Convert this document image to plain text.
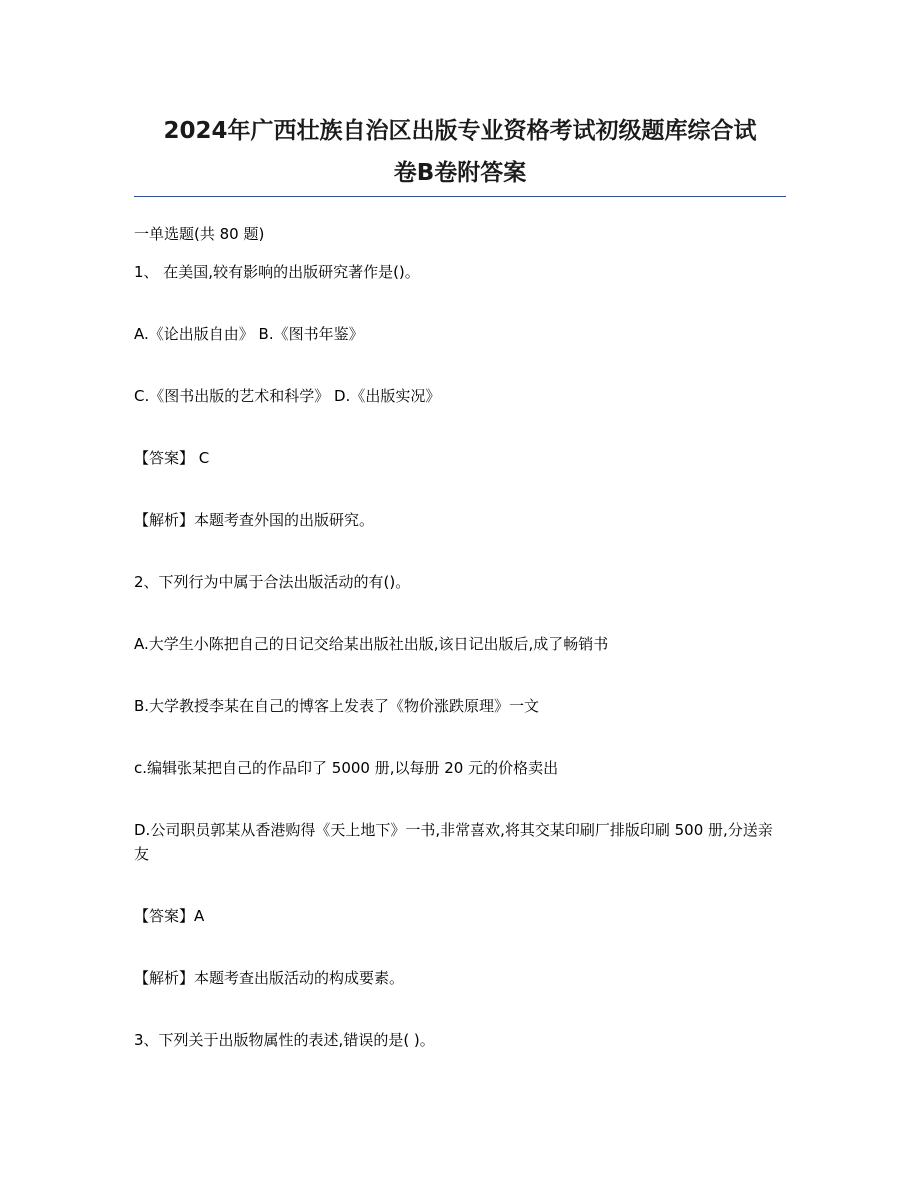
2024年广西壮族自治区出版专业资格考试初级题库综合试
卷B卷附答案

一单选题(共 80 题)

1、 在美国,较有影响的出版研究著作是()。

A.《论出版自由》 B.《图书年鉴》

C.《图书出版的艺术和科学》 D.《出版实况》

【答案】 C

【解析】本题考查外国的出版研究。

2、下列行为中属于合法出版活动的有()。

A.大学生小陈把自己的日记交给某出版社出版,该日记出版后,成了畅销书

B.大学教授李某在自己的博客上发表了《物价涨跌原理》一文

c.编辑张某把自己的作品印了 5000 册,以每册 20 元的价格卖出

D.公司职员郭某从香港购得《天上地下》一书,非常喜欢,将其交某印刷厂排版印刷 500 册,分送亲友

【答案】A

【解析】本题考查出版活动的构成要素。

3、下列关于出版物属性的表述,错误的是( )。
